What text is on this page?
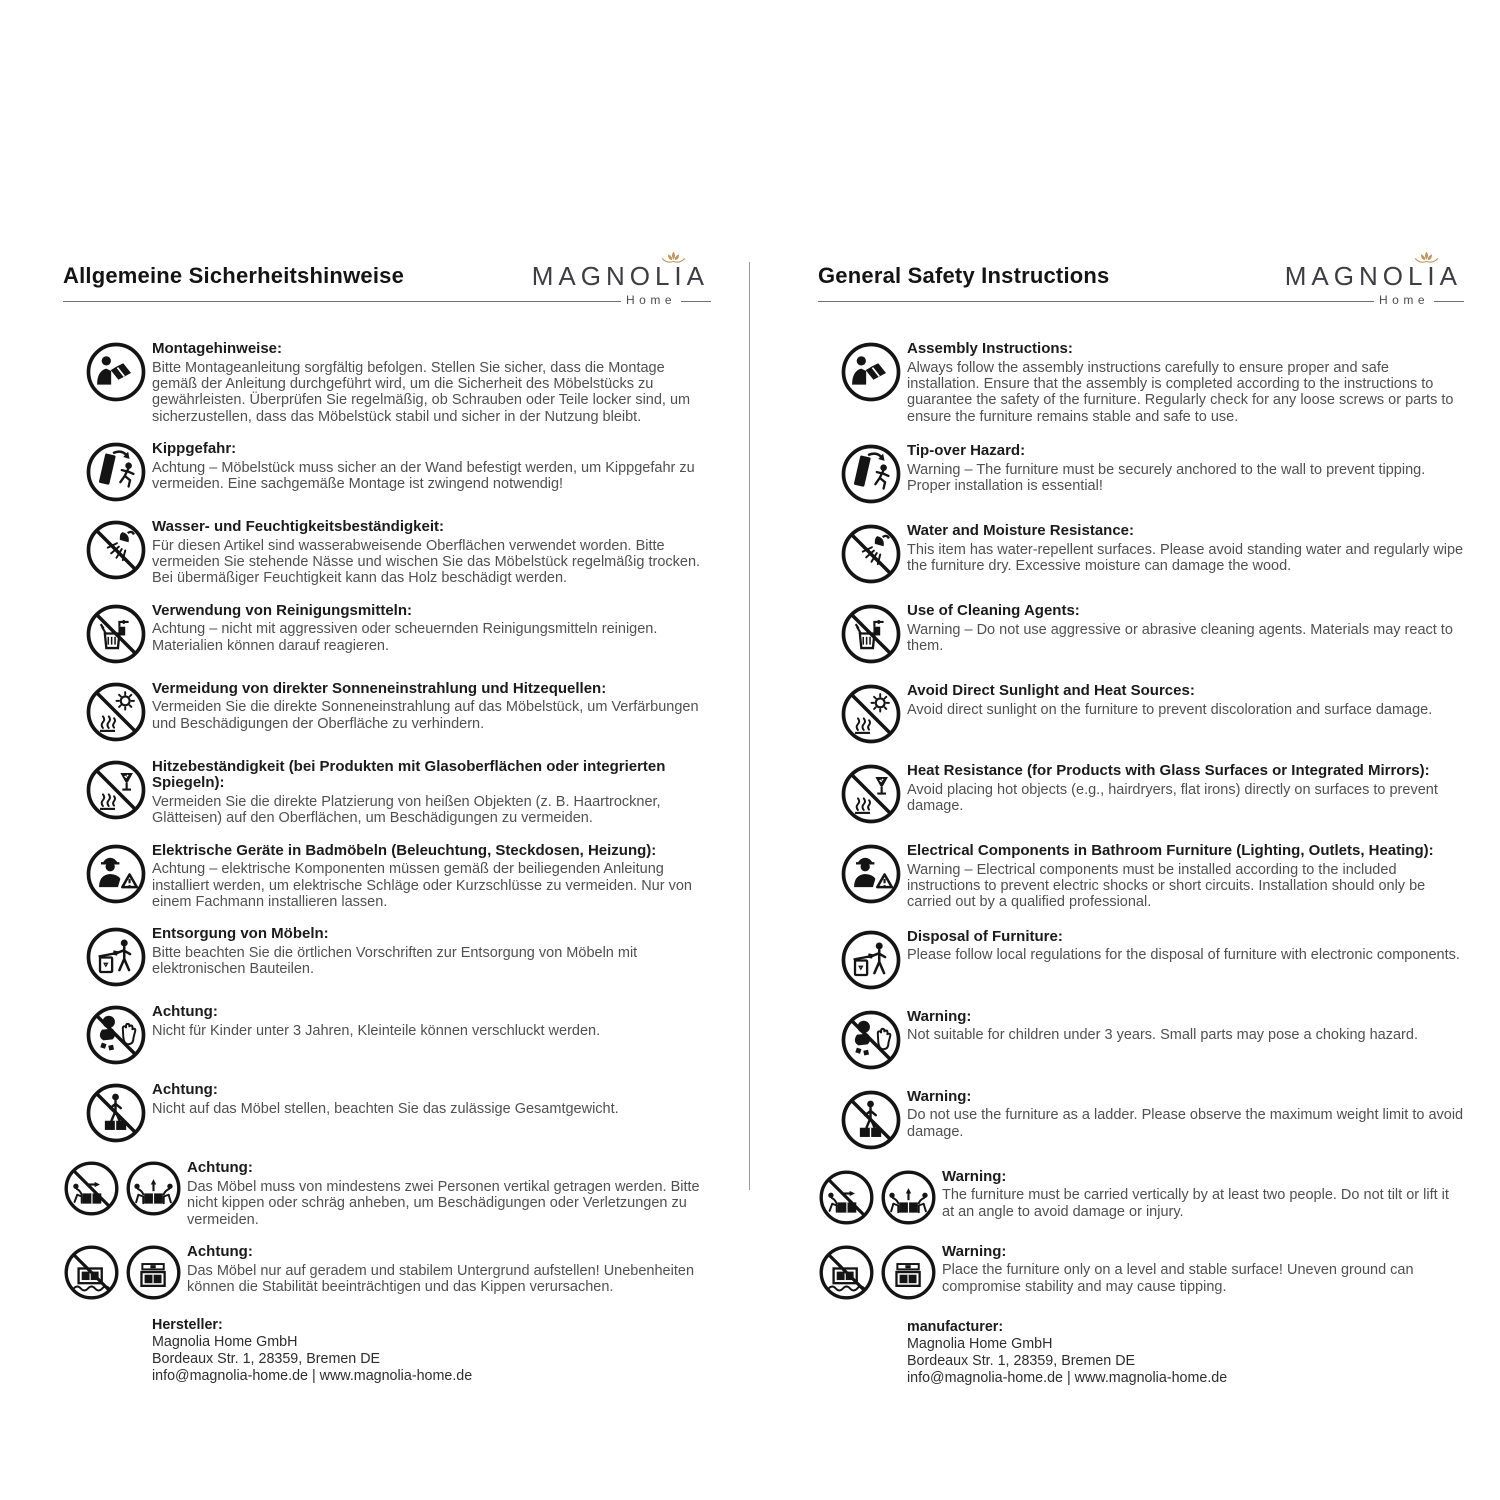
Allgemeine Sicherheitshinweise	MAGNOLIA
Home
Montagehinweise:
Bitte Montageanleitung sorgfältig befolgen. Stellen Sie sicher, dass die Montage gemäß der Anleitung durchgeführt wird, um die Sicherheit des Möbelstücks zu gewährleisten. Überprüfen Sie regelmäßig, ob Schrauben oder Teile locker sind, um sicherzustellen, dass das Möbelstück stabil und sicher in der Nutzung bleibt.
Kippgefahr:
Achtung – Möbelstück muss sicher an der Wand befestigt werden, um Kippgefahr zu vermeiden. Eine sachgemäße Montage ist zwingend notwendig!
Wasser- und Feuchtigkeitsbeständigkeit:
Für diesen Artikel sind wasserabweisende Oberflächen verwendet worden. Bitte vermeiden Sie stehende Nässe und wischen Sie das Möbelstück regelmäßig trocken. Bei übermäßiger Feuchtigkeit kann das Holz beschädigt werden.
Verwendung von Reinigungsmitteln:
Achtung – nicht mit aggressiven oder scheuernden Reinigungsmitteln reinigen. Materialien können darauf reagieren.
Vermeidung von direkter Sonneneinstrahlung und Hitzequellen:
Vermeiden Sie die direkte Sonneneinstrahlung auf das Möbelstück, um Verfärbungen und Beschädigungen der Oberfläche zu verhindern.
Hitzebeständigkeit (bei Produkten mit Glasoberflächen oder integrierten Spiegeln):
Vermeiden Sie die direkte Platzierung von heißen Objekten (z. B. Haartrockner, Glätteisen) auf den Oberflächen, um Beschädigungen zu vermeiden.
Elektrische Geräte in Badmöbeln (Beleuchtung, Steckdosen, Heizung):
Achtung – elektrische Komponenten müssen gemäß der beiliegenden Anleitung installiert werden, um elektrische Schläge oder Kurzschlüsse zu vermeiden. Nur von einem Fachmann installieren lassen.
Entsorgung von Möbeln:
Bitte beachten Sie die örtlichen Vorschriften zur Entsorgung von Möbeln mit elektronischen Bauteilen.
Achtung:
Nicht für Kinder unter 3 Jahren, Kleinteile können verschluckt werden.
Achtung:
Nicht auf das Möbel stellen, beachten Sie das zulässige Gesamtgewicht.
Achtung:
Das Möbel muss von mindestens zwei Personen vertikal getragen werden. Bitte nicht kippen oder schräg anheben, um Beschädigungen oder Verletzungen zu vermeiden.
Achtung:
Das Möbel nur auf geradem und stabilem Untergrund aufstellen! Unebenheiten können die Stabilität beeinträchtigen und das Kippen verursachen.
Hersteller:
Magnolia Home GmbH
Bordeaux Str. 1, 28359, Bremen DE
info@magnolia-home.de | www.magnolia-home.de
General Safety Instructions	MAGNOLIA
Home
Assembly Instructions:
Always follow the assembly instructions carefully to ensure proper and safe installation. Ensure that the assembly is completed according to the instructions to guarantee the safety of the furniture. Regularly check for any loose screws or parts to ensure the furniture remains stable and safe to use.
Tip-over Hazard:
Warning – The furniture must be securely anchored to the wall to prevent tipping. Proper installation is essential!
Water and Moisture Resistance:
This item has water-repellent surfaces. Please avoid standing water and regularly wipe the furniture dry. Excessive moisture can damage the wood.
Use of Cleaning Agents:
Warning – Do not use aggressive or abrasive cleaning agents. Materials may react to them.
Avoid Direct Sunlight and Heat Sources:
Avoid direct sunlight on the furniture to prevent discoloration and surface damage.
Heat Resistance (for Products with Glass Surfaces or Integrated Mirrors):
Avoid placing hot objects (e.g., hairdryers, flat irons) directly on surfaces to prevent damage.
Electrical Components in Bathroom Furniture (Lighting, Outlets, Heating):
Warning – Electrical components must be installed according to the included instructions to prevent electric shocks or short circuits. Installation should only be carried out by a qualified professional.
Disposal of Furniture:
Please follow local regulations for the disposal of furniture with electronic components.
Warning:
Not suitable for children under 3 years. Small parts may pose a choking hazard.
Warning:
Do not use the furniture as a ladder. Please observe the maximum weight limit to avoid damage.
Warning:
The furniture must be carried vertically by at least two people. Do not tilt or lift it at an angle to avoid damage or injury.
Warning:
Place the furniture only on a level and stable surface! Uneven ground can compromise stability and may cause tipping.
manufacturer:
Magnolia Home GmbH
Bordeaux Str. 1, 28359, Bremen DE
info@magnolia-home.de | www.magnolia-home.de
